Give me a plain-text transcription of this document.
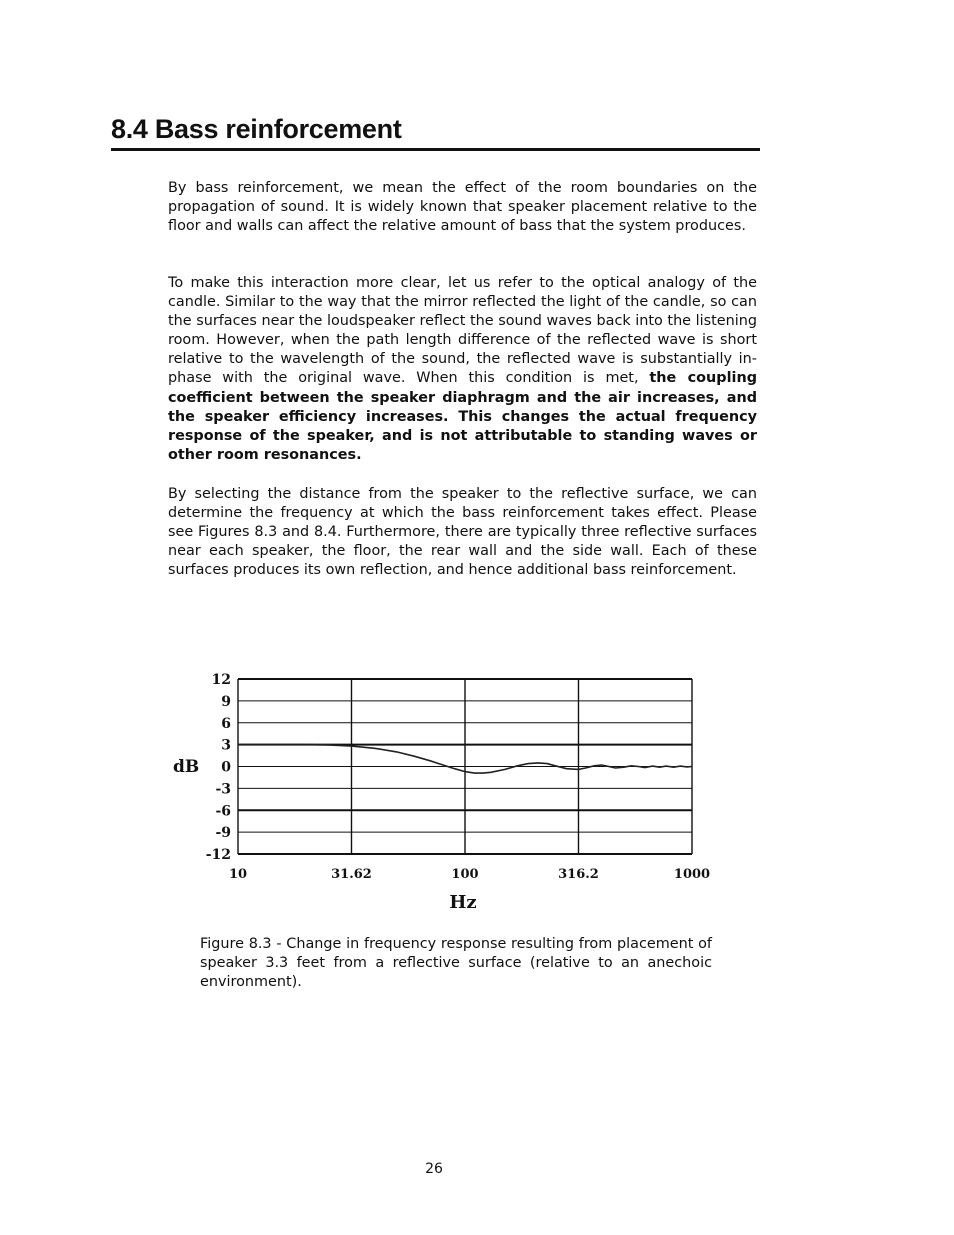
8.4 Bass reinforcement

By bass reinforcement, we mean the effect of the room boundaries on the propagation of sound. It is widely known that speaker placement relative to the floor and walls can affect the relative amount of bass that the system produces.

To make this interaction more clear, let us refer to the optical analogy of the candle. Similar to the way that the mirror reflected the light of the candle, so can the surfaces near the loudspeaker reflect the sound waves back into the listening room. However, when the path length difference of the reflected wave is short relative to the wavelength of the sound, the reflected wave is substantially in-phase with the original wave. When this condition is met, the coupling coefficient between the speaker diaphragm and the air increases, and the speaker efficiency increases. This changes the actual frequency response of the speaker, and is not attributable to standing waves or other room resonances.

By selecting the distance from the speaker to the reflective surface, we can determine the frequency at which the bass reinforcement takes effect. Please see Figures 8.3 and 8.4. Furthermore, there are typically three reflective surfaces near each speaker, the floor, the rear wall and the side wall. Each of these surfaces produces its own reflection, and hence additional bass reinforcement.

12
9
6
3
0
-3
-6
-9
-12
10	31.62	100	316.2	1000
dB
Hz

Figure 8.3 - Change in frequency response resulting from placement of speaker 3.3 feet from a reflective surface (relative to an anechoic environment).

26
